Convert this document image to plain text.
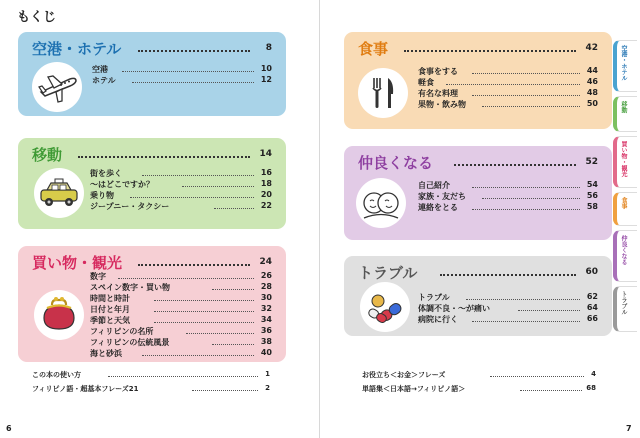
もくじ
6	7
空港・ホテル	8
空港	10
ホテル	12
移動	14
街を歩く	16
〜はどこですか？	18
乗り物	20
ジープニー・タクシー	22
買い物・観光	24
数字	26
スペイン数字・買い物	28
時間と時計	30
日付と年月	32
季節と天気	34
フィリピンの名所	36
フィリピンの伝統風景	38
海と砂浜	40
この本の使い方	1
フィリピノ語・超基本フレーズ21	2
食事	42
食事をする	44
軽食	46
有名な料理	48
果物・飲み物	50
仲良くなる	52
自己紹介	54
家族・友だち	56
連絡をとる	58
トラブル	60
トラブル	62
体調不良・〜が痛い	64
病院に行く	66
お役立ち＜お金＞フレーズ	4
単語集＜日本語→フィリピノ語＞	68
空港・ホテル
移動
買い物・観光
食事
仲良くなる
トラブル
